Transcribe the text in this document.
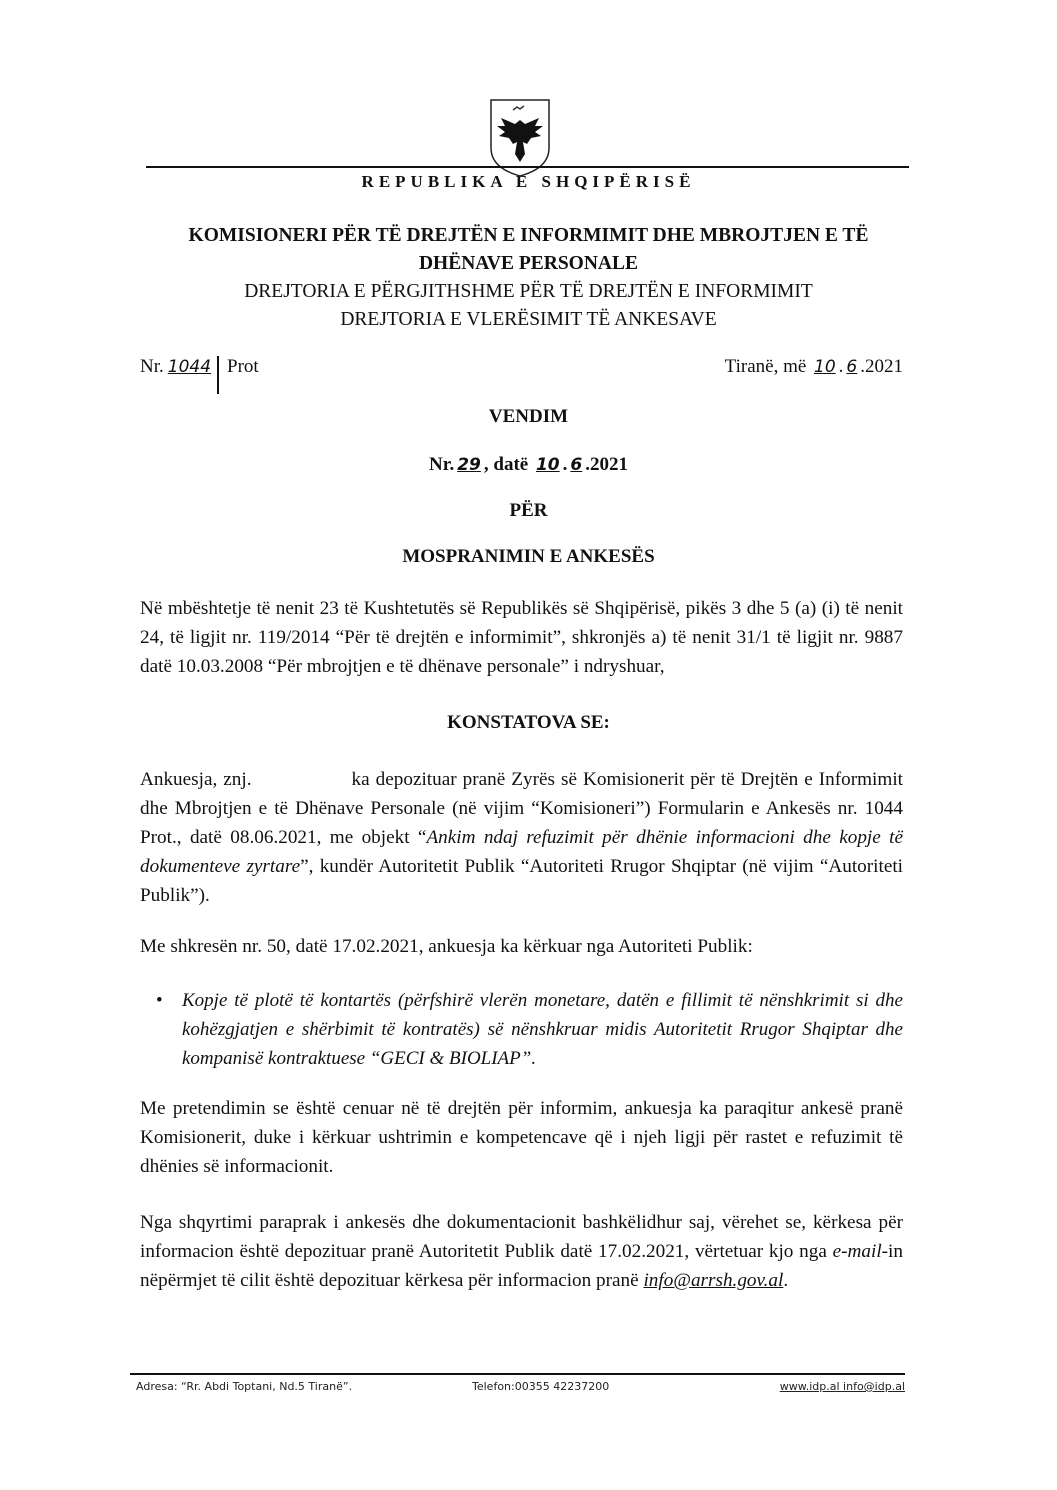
REPUBLIKA E SHQIPËRISË
KOMISIONERI PËR TË DREJTËN E INFORMIMIT DHE MBROJTJEN E TË
DHËNAVE PERSONALE
DREJTORIA E PËRGJITHSHME PËR TË DREJTËN E INFORMIMIT
DREJTORIA E VLERËSIMIT TË ANKESAVE
Nr. 1044 Prot	Tiranë, më 10 . 6 .2021
VENDIM
Nr. 29 , datë 10 . 6 .2021
PËR
MOSPRANIMIN E ANKESËS
Në mbështetje të nenit 23 të Kushtetutës së Republikës së Shqipërisë, pikës 3 dhe 5 (a) (i) të nenit 24, të ligjit nr. 119/2014 “Për të drejtën e informimit”, shkronjës a) të nenit 31/1 të ligjit nr. 9887 datë 10.03.2008 “Për mbrojtjen e të dhënave personale” i ndryshuar,
KONSTATOVA SE:
Ankuesja, znj.	ka depozituar pranë Zyrës së Komisionerit për të Drejtën e Informimit dhe Mbrojtjen e të Dhënave Personale (në vijim “Komisioneri”) Formularin e Ankesës nr. 1044 Prot., datë 08.06.2021, me objekt “Ankim ndaj refuzimit për dhënie informacioni dhe kopje të dokumenteve zyrtare”, kundër Autoritetit Publik “Autoriteti Rrugor Shqiptar (në vijim “Autoriteti Publik”).
Me shkresën nr. 50, datë 17.02.2021, ankuesja ka kërkuar nga Autoriteti Publik:
• Kopje të plotë të kontartës (përfshirë vlerën monetare, datën e fillimit të nënshkrimit si dhe kohëzgjatjen e shërbimit të kontratës) së nënshkruar midis Autoritetit Rrugor Shqiptar dhe kompanisë kontraktuese “GECI & BIOLIAP”.
Me pretendimin se është cenuar në të drejtën për informim, ankuesja ka paraqitur ankesë pranë Komisionerit, duke i kërkuar ushtrimin e kompetencave që i njeh ligji për rastet e refuzimit të dhënies së informacionit.
Nga shqyrtimi paraprak i ankesës dhe dokumentacionit bashkëlidhur saj, vërehet se, kërkesa për informacion është depozituar pranë Autoritetit Publik datë 17.02.2021, vërtetuar kjo nga e-mail-in nëpërmjet të cilit është depozituar kërkesa për informacion pranë info@arrsh.gov.al.
Adresa: “Rr. Abdi Toptani, Nd.5 Tiranë”.	Telefon:00355 42237200	www.idp.al info@idp.al
